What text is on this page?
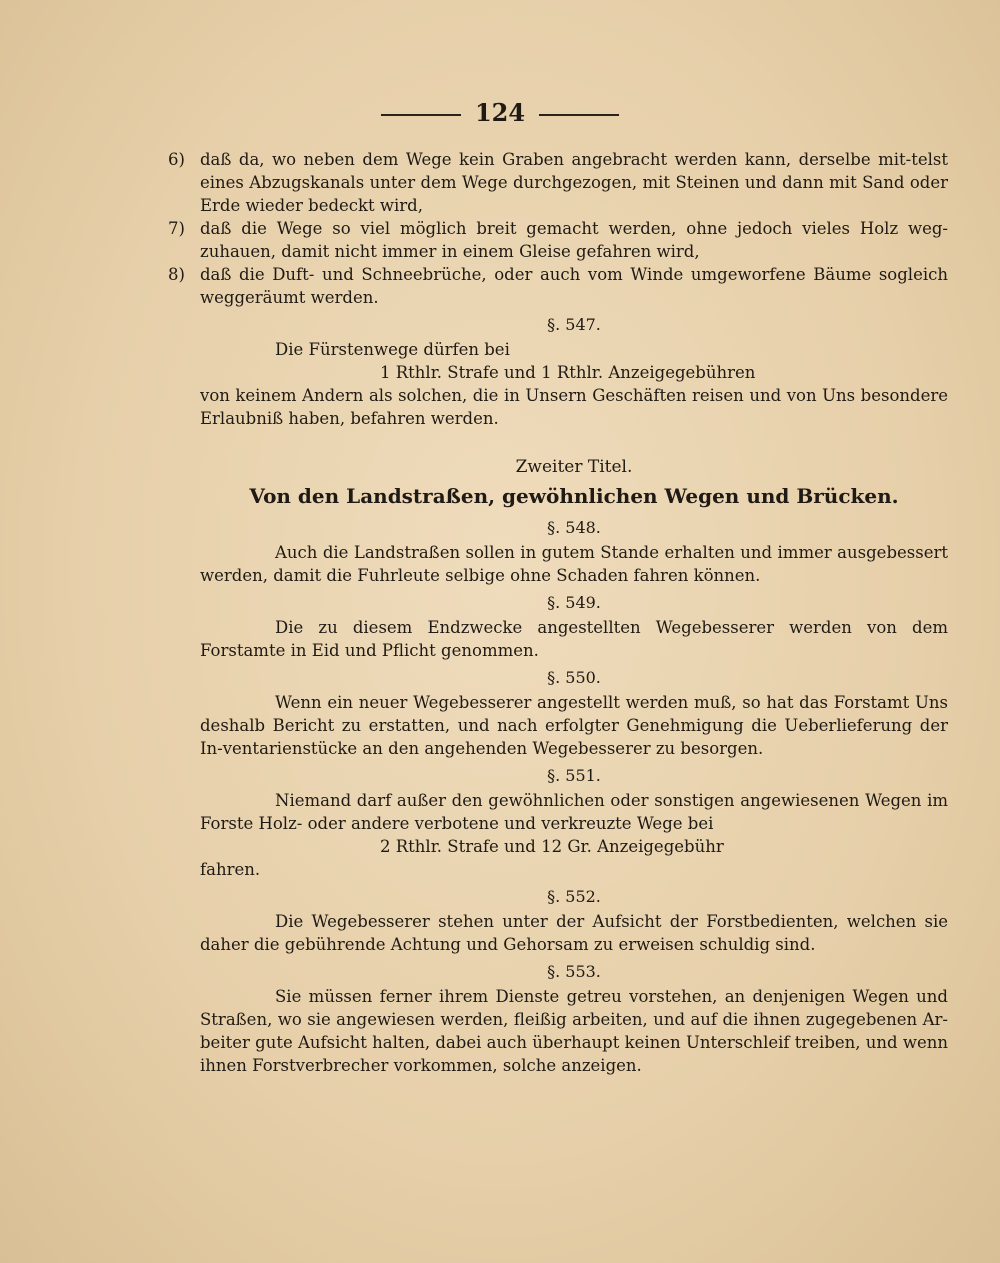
124
6) daß da, wo neben dem Wege kein Graben angebracht werden kann, derselbe mit-telst eines Abzugskanals unter dem Wege durchgezogen, mit Steinen und dann mit Sand oder Erde wieder bedeckt wird,

7) daß die Wege so viel möglich breit gemacht werden, ohne jedoch vieles Holz weg-zuhauen, damit nicht immer in einem Gleise gefahren wird,

8) daß die Duft- und Schneebrüche, oder auch vom Winde umgeworfene Bäume sogleich weggeräumt werden.

§. 547.

Die Fürstenwege dürfen bei

1 Rthlr. Strafe und 1 Rthlr. Anzeigegebühren

von keinem Andern als solchen, die in Unsern Geschäften reisen und von Uns besondere Erlaubniß haben, befahren werden.

Zweiter Titel.
Von den Landstraßen, gewöhnlichen Wegen und Brücken.
§. 548.

Auch die Landstraßen sollen in gutem Stande erhalten und immer ausgebessert werden, damit die Fuhrleute selbige ohne Schaden fahren können.

§. 549.

Die zu diesem Endzwecke angestellten Wegebesserer werden von dem Forstamte in Eid und Pflicht genommen.

§. 550.

Wenn ein neuer Wegebesserer angestellt werden muß, so hat das Forstamt Uns deshalb Bericht zu erstatten, und nach erfolgter Genehmigung die Ueberlieferung der In-ventarienstücke an den angehenden Wegebesserer zu besorgen.

§. 551.

Niemand darf außer den gewöhnlichen oder sonstigen angewiesenen Wegen im Forste Holz- oder andere verbotene und verkreuzte Wege bei

2 Rthlr. Strafe und 12 Gr. Anzeigegebühr

fahren.

§. 552.

Die Wegebesserer stehen unter der Aufsicht der Forstbedienten, welchen sie daher die gebührende Achtung und Gehorsam zu erweisen schuldig sind.

§. 553.

Sie müssen ferner ihrem Dienste getreu vorstehen, an denjenigen Wegen und Straßen, wo sie angewiesen werden, fleißig arbeiten, und auf die ihnen zugegebenen Ar-beiter gute Aufsicht halten, dabei auch überhaupt keinen Unterschleif treiben, und wenn ihnen Forstverbrecher vorkommen, solche anzeigen.
